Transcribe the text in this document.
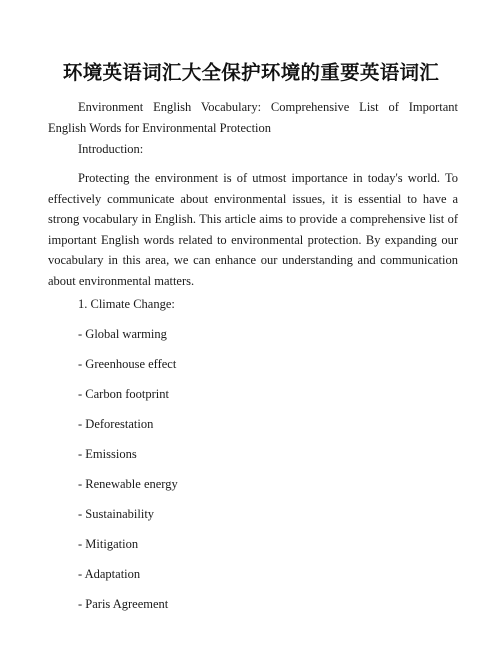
环境英语词汇大全保护环境的重要英语词汇

Environment English Vocabulary: Comprehensive List of Important English Words for Environmental Protection

Introduction:

Protecting the environment is of utmost importance in today's world. To effectively communicate about environmental issues, it is essential to have a strong vocabulary in English. This article aims to provide a comprehensive list of important English words related to environmental protection. By expanding our vocabulary in this area, we can enhance our understanding and communication about environmental matters.

1. Climate Change:

- Global warming
- Greenhouse effect
- Carbon footprint
- Deforestation
- Emissions
- Renewable energy
- Sustainability
- Mitigation
- Adaptation
- Paris Agreement
